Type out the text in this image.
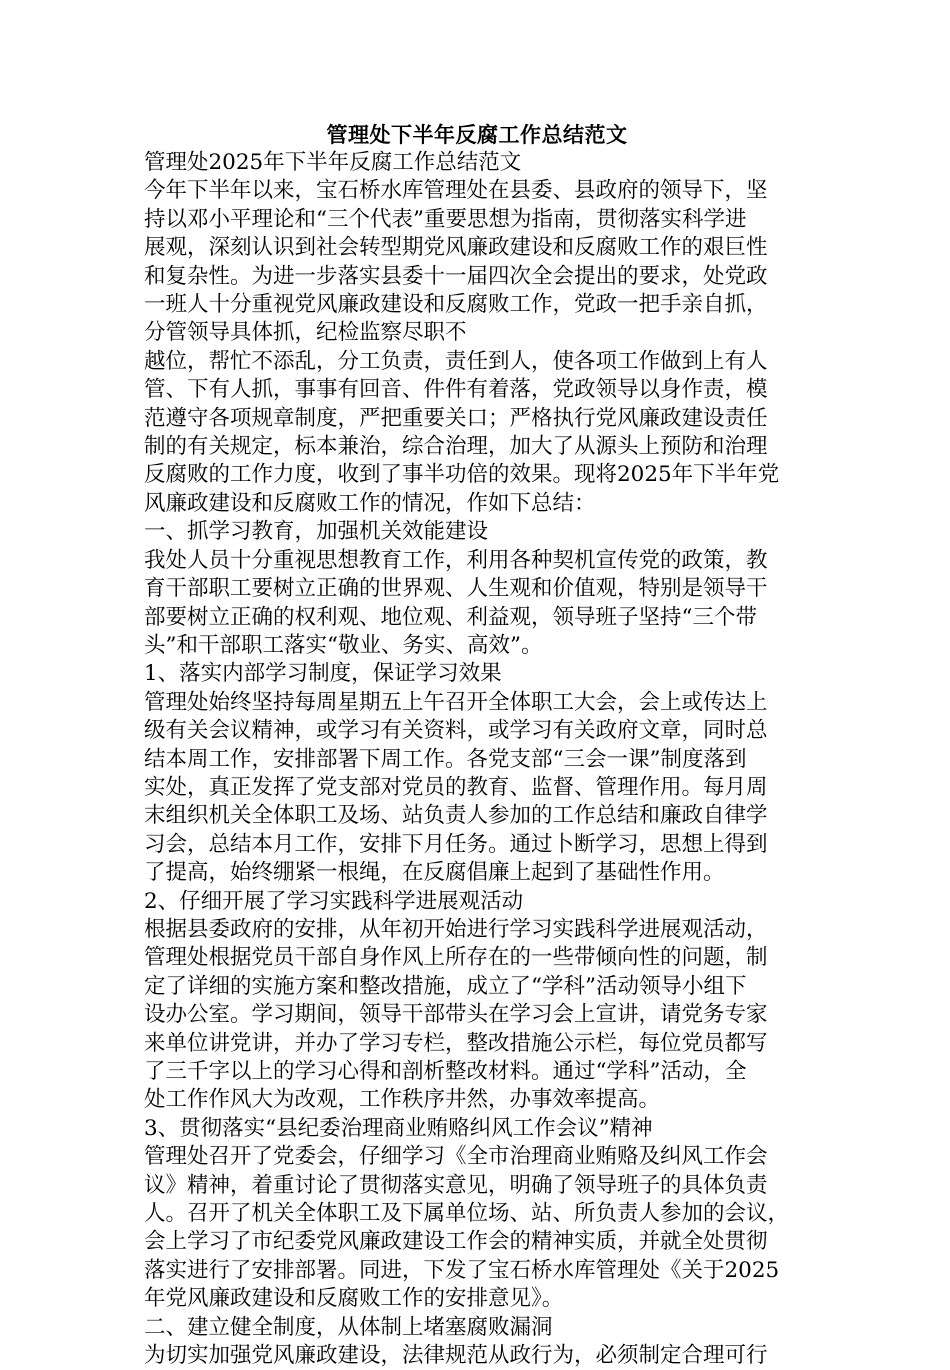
管理处下半年反腐工作总结范文

管理处2025年下半年反腐工作总结范文

今年下半年以来，宝石桥水库管理处在县委、县政府的领导下，坚

持以邓小平理论和“三个代表”重要思想为指南，贯彻落实科学进

展观，深刻认识到社会转型期党风廉政建设和反腐败工作的艰巨性

和复杂性。为进一步落实县委十一届四次全会提出的要求，处党政

一班人十分重视党风廉政建设和反腐败工作，党政一把手亲自抓，

分管领导具体抓，纪检监察尽职不

越位，帮忙不添乱，分工负责，责任到人，使各项工作做到上有人

管、下有人抓，事事有回音、件件有着落，党政领导以身作责，模

范遵守各项规章制度，严把重要关口；严格执行党风廉政建设责任

制的有关规定，标本兼治，综合治理，加大了从源头上预防和治理

反腐败的工作力度，收到了事半功倍的效果。现将2025年下半年党

风廉政建设和反腐败工作的情况，作如下总结：

一、抓学习教育，加强机关效能建设

我处人员十分重视思想教育工作，利用各种契机宣传党的政策，教

育干部职工要树立正确的世界观、人生观和价值观，特别是领导干

部要树立正确的权利观、地位观、利益观，领导班子坚持“三个带

头”和干部职工落实“敬业、务实、高效”。

1、落实内部学习制度，保证学习效果

管理处始终坚持每周星期五上午召开全体职工大会，会上或传达上

级有关会议精神，或学习有关资料，或学习有关政府文章，同时总

结本周工作，安排部署下周工作。各党支部“三会一课”制度落到

实处，真正发挥了党支部对党员的教育、监督、管理作用。每月周

末组织机关全体职工及场、站负责人参加的工作总结和廉政自律学

习会，总结本月工作，安排下月任务。通过卜断学习，思想上得到

了提高，始终绷紧一根绳，在反腐倡廉上起到了基础性作用。

2、仔细开展了学习实践科学进展观活动

根据县委政府的安排，从年初开始进行学习实践科学进展观活动，

管理处根据党员干部自身作风上所存在的一些带倾向性的问题，制

定了详细的实施方案和整改措施，成立了“学科”活动领导小组下

设办公室。学习期间，领导干部带头在学习会上宣讲，请党务专家

来单位讲党讲，并办了学习专栏，整改措施公示栏，每位党员都写

了三千字以上的学习心得和剖析整改材料。通过“学科”活动，全

处工作作风大为改观，工作秩序井然，办事效率提高。

3、贯彻落实“县纪委治理商业贿赂纠风工作会议”精神

管理处召开了党委会，仔细学习《全市治理商业贿赂及纠风工作会

议》精神，着重讨论了贯彻落实意见，明确了领导班子的具体负责

人。召开了机关全体职工及下属单位场、站、所负责人参加的会议，

会上学习了市纪委党风廉政建设工作会的精神实质，并就全处贯彻

落实进行了安排部署。同进，下发了宝石桥水库管理处《关于2025

年党风廉政建设和反腐败工作的安排意见》。

二、建立健全制度，从体制上堵塞腐败漏洞

为切实加强党风廉政建设，法律规范从政行为，必须制定合理可行
